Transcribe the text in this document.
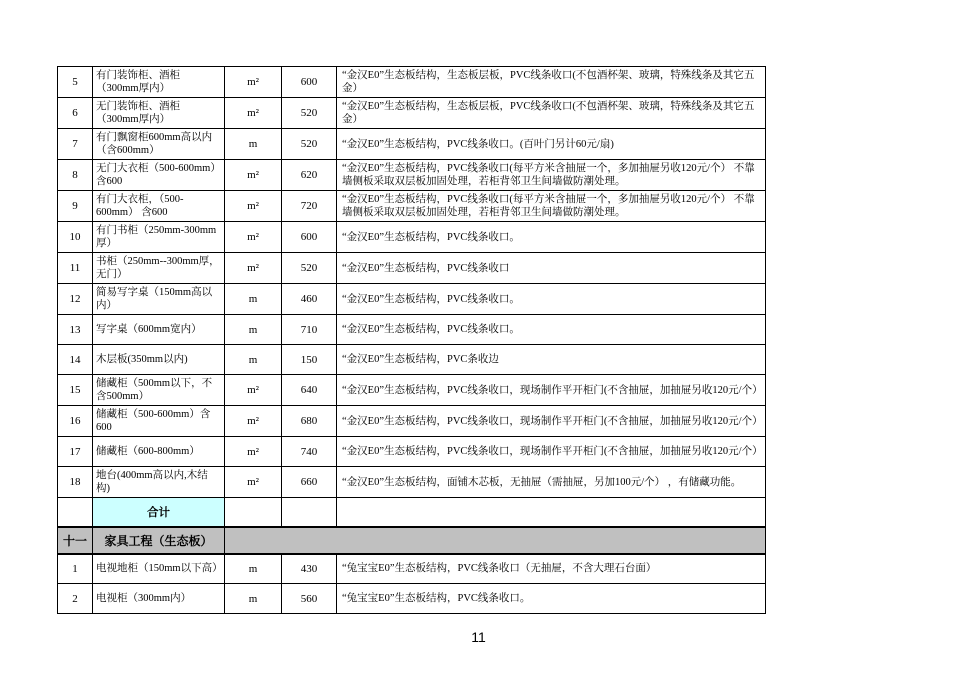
5	有门装饰柜、酒柜（300mm厚内）	m²	600	“金汉E0”生态板结构，生态板层板，PVC线条收口(不包酒杯架、玻璃，特殊线条及其它五金）
6	无门装饰柜、酒柜（300mm厚内）	m²	520	“金汉E0”生态板结构，生态板层板，PVC线条收口(不包酒杯架、玻璃，特殊线条及其它五金）
7	有门飘窗柜600mm高以内 （含600mm）	m	520	“金汉E0”生态板结构，PVC线条收口。(百叶门另计60元/扇)
8	无门大衣柜（500-600mm）含600	m²	620	“金汉E0”生态板结构，PVC线条收口(每平方米含抽屉一个，多加抽屉另收120元/个） 不靠墙侧板采取双层板加固处理，若柜背邻卫生间墙做防潮处理。
9	有门大衣柜，（500-600mm） 含600	m²	720	“金汉E0”生态板结构，PVC线条收口(每平方米含抽屉一个，多加抽屉另收120元/个） 不靠墙侧板采取双层板加固处理，若柜背邻卫生间墙做防潮处理。
10	有门书柜（250mm-300mm厚）	m²	600	“金汉E0”生态板结构，PVC线条收口。
11	书柜（250mm--300mm厚，无门）	m²	520	“金汉E0”生态板结构，PVC线条收口
12	简易写字桌（150mm高以内）	m	460	“金汉E0”生态板结构，PVC线条收口。
13	写字桌（600mm宽内）	m	710	“金汉E0”生态板结构，PVC线条收口。
14	木层板(350mm以内)	m	150	“金汉E0”生态板结构，PVC条收边
15	储藏柜（500mm以下，不含500mm）	m²	640	“金汉E0”生态板结构，PVC线条收口，现场制作平开柜门(不含抽屉，加抽屉另收120元/个）
16	储藏柜（500-600mm）含600	m²	680	“金汉E0”生态板结构，PVC线条收口，现场制作平开柜门(不含抽屉，加抽屉另收120元/个）
17	储藏柜（600-800mm）	m²	740	“金汉E0”生态板结构，PVC线条收口，现场制作平开柜门(不含抽屉，加抽屉另收120元/个）
18	地台(400mm高以内,木结构)	m²	660	“金汉E0”生态板结构，面铺木芯板，无抽屉（需抽屉，另加100元/个） ，有储藏功能。
	合计			
十一	家具工程（生态板）			
1	电视地柜（150mm以下高）	m	430	“兔宝宝E0”生态板结构，PVC线条收口（无抽屉，不含大理石台面）
2	电视柜（300mm内）	m	560	“兔宝宝E0”生态板结构，PVC线条收口。
11
